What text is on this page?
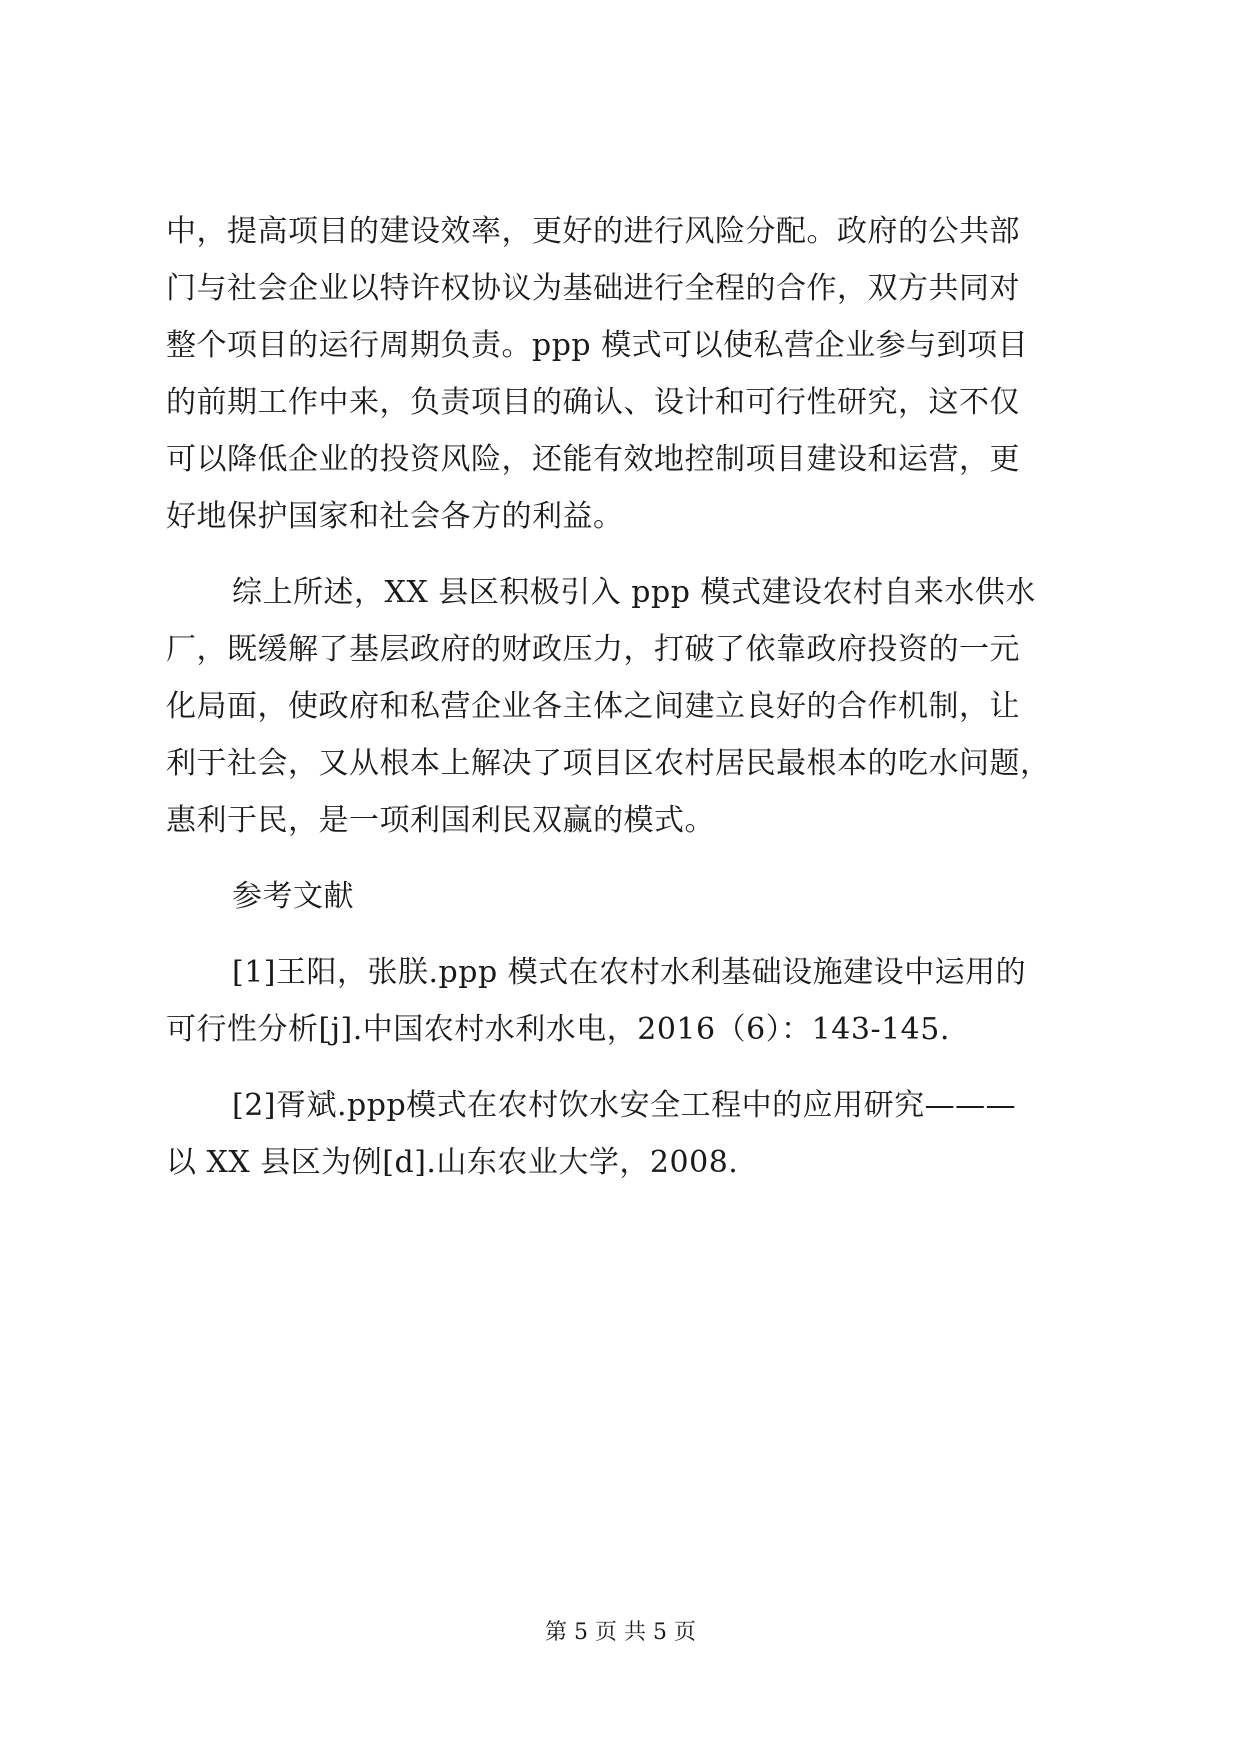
中，提高项目的建设效率，更好的进行风险分配。政府的公共部
门与社会企业以特许权协议为基础进行全程的合作，双方共同对
整个项目的运行周期负责。ppp 模式可以使私营企业参与到项目
的前期工作中来，负责项目的确认、设计和可行性研究，这不仅
可以降低企业的投资风险，还能有效地控制项目建设和运营，更
好地保护国家和社会各方的利益。
综上所述，XX 县区积极引入 ppp 模式建设农村自来水供水
厂，既缓解了基层政府的财政压力，打破了依靠政府投资的一元
化局面，使政府和私营企业各主体之间建立良好的合作机制，让
利于社会，又从根本上解决了项目区农村居民最根本的吃水问题，
惠利于民，是一项利国利民双赢的模式。
参考文献
[1]王阳，张朕.ppp 模式在农村水利基础设施建设中运用的
可行性分析[j].中国农村水利水电，2016（6）：143-145.
[2]胥斌.ppp模式在农村饮水安全工程中的应用研究———
以 XX 县区为例[d].山东农业大学，2008.
第 5 页 共 5 页
